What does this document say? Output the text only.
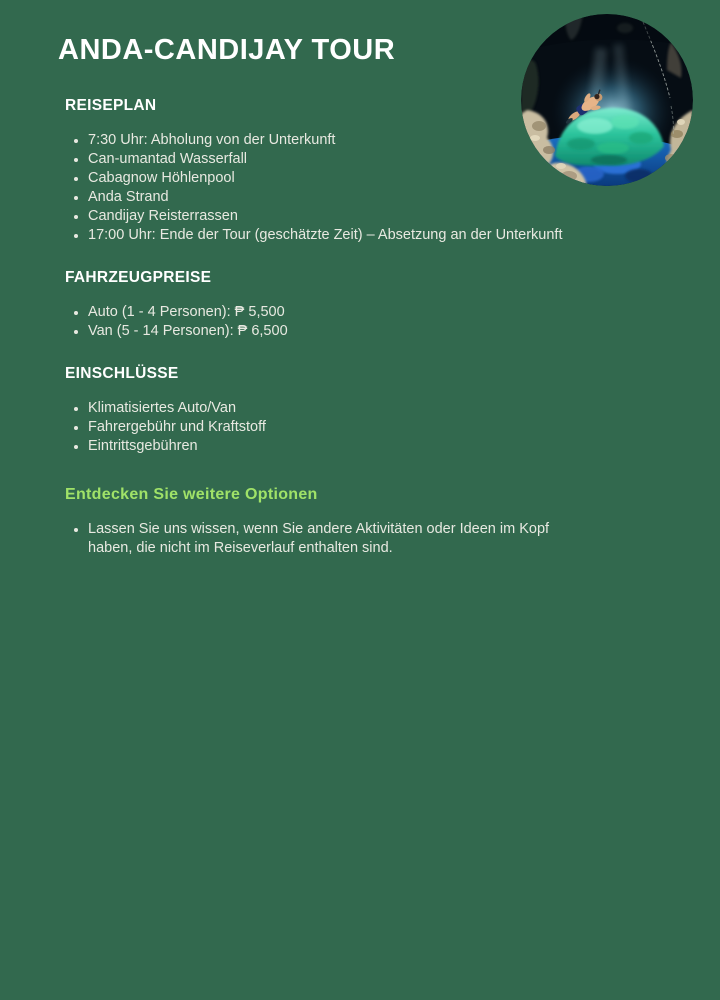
ANDA-CANDIJAY TOUR
REISEPLAN
• 7:30 Uhr: Abholung von der Unterkunft
• Can-umantad Wasserfall
• Cabagnow Höhlenpool
• Anda Strand
• Candijay Reisterrassen
• 17:00 Uhr: Ende der Tour (geschätzte Zeit) – Absetzung an der Unterkunft
FAHRZEUGPREISE
• Auto (1 - 4 Personen): ₱ 5,500
• Van (5 - 14 Personen): ₱ 6,500
EINSCHLÜSSE
• Klimatisiertes Auto/Van
• Fahrergebühr und Kraftstoff
• Eintrittsgebühren
Entdecken Sie weitere Optionen
• Lassen Sie uns wissen, wenn Sie andere Aktivitäten oder Ideen im Kopf haben, die nicht im Reiseverlauf enthalten sind.
